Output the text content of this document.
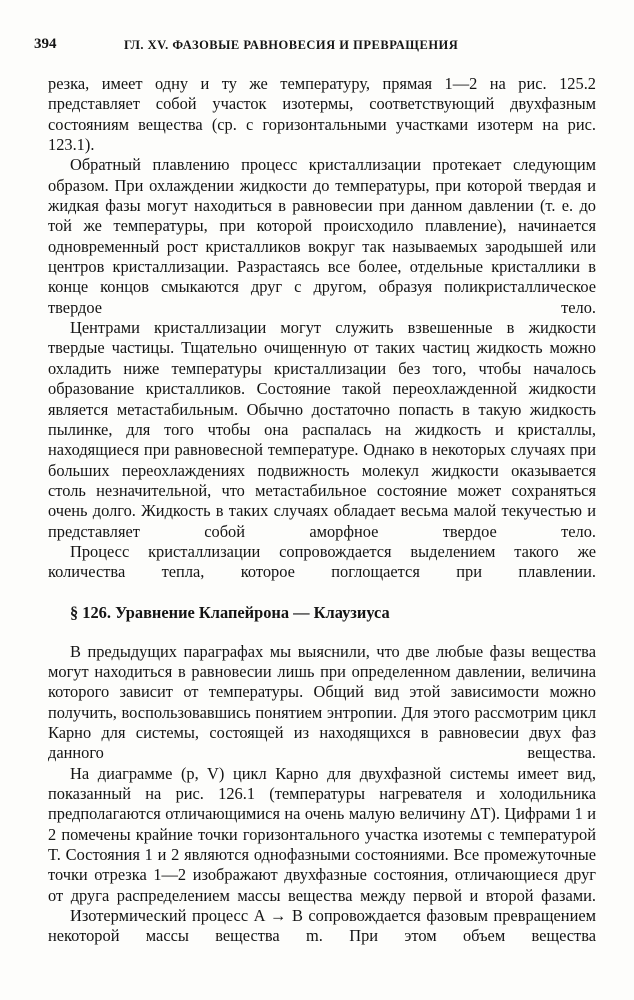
394	ГЛ. XV. ФАЗОВЫЕ РАВНОВЕСИЯ И ПРЕВРАЩЕНИЯ

резка, имеет одну и ту же температуру, прямая 1—2 на рис. 125.2 представляет собой участок изотермы, соответствующий двухфазным состояниям вещества (ср. с горизонтальными участками изотерм на рис. 123.1).

Обратный плавлению процесс кристаллизации протекает следующим образом. При охлаждении жидкости до температуры, при которой твердая и жидкая фазы могут находиться в равновесии при данном давлении (т. е. до той же температуры, при которой происходило плавление), начинается одновременный рост кристалликов вокруг так называемых зародышей или центров кристаллизации. Разрастаясь все более, отдельные кристаллики в конце концов смыкаются друг с другом, образуя поликристаллическое твердое тело.

Центрами кристаллизации могут служить взвешенные в жидкости твердые частицы. Тщательно очищенную от таких частиц жидкость можно охладить ниже температуры кристаллизации без того, чтобы началось образование кристалликов. Состояние такой переохлажденной жидкости является метастабильным. Обычно достаточно попасть в такую жидкость пылинке, для того чтобы она распалась на жидкость и кристаллы, находящиеся при равновесной температуре. Однако в некоторых случаях при больших переохлаждениях подвижность молекул жидкости оказывается столь незначительной, что метастабильное состояние может сохраняться очень долго. Жидкость в таких случаях обладает весьма малой текучестью и представляет собой аморфное твердое тело.

Процесс кристаллизации сопровождается выделением такого же количества тепла, которое поглощается при плавлении.

§ 126. Уравнение Клапейрона — Клаузиуса

В предыдущих параграфах мы выяснили, что две любые фазы вещества могут находиться в равновесии лишь при определенном давлении, величина которого зависит от температуры. Общий вид этой зависимости можно получить, воспользовавшись понятием энтропии. Для этого рассмотрим цикл Карно для системы, состоящей из находящихся в равновесии двух фаз данного вещества.

На диаграмме (p, V) цикл Карно для двухфазной системы имеет вид, показанный на рис. 126.1 (температуры нагревателя и холодильника предполагаются отличающимися на очень малую величину ΔT). Цифрами 1 и 2 помечены крайние точки горизонтального участка изотемы с температурой T. Состояния 1 и 2 являются однофазными состояниями. Все промежуточные точки отрезка 1—2 изображают двухфазные состояния, отличающиеся друг от друга распределением массы вещества между первой и второй фазами.

Изотермический процесс A → B сопровождается фазовым превращением некоторой массы вещества m. При этом объем вещества
